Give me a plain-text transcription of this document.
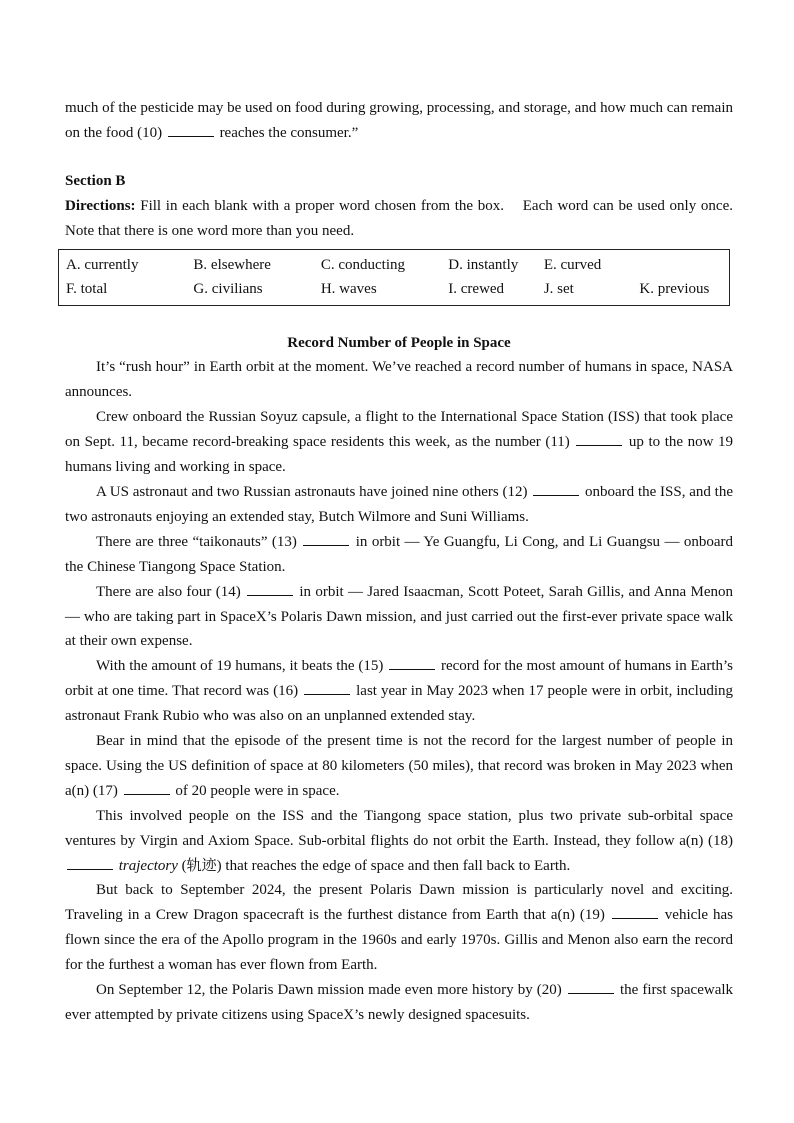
much of the pesticide may be used on food during growing, processing, and storage, and how much can remain on the food (10)	reaches the consumer.”

Section B

Directions: Fill in each blank with a proper word chosen from the box.    Each word can be used only once.    Note that there is one word more than you need.

A. currently	B. elsewhere	C. conducting	D. instantly	E. curved
F. total	G. civilians	H. waves	I. crewed	J. set	K. previous
Record Number of People in Space

It’s “rush hour” in Earth orbit at the moment. We’ve reached a record number of humans in space, NASA announces.

Crew onboard the Russian Soyuz capsule, a flight to the International Space Station (ISS) that took place on Sept. 11, became record-breaking space residents this week, as the number (11)	up to the now 19 humans living and working in space.

A US astronaut and two Russian astronauts have joined nine others (12)	onboard the ISS, and the two astronauts enjoying an extended stay, Butch Wilmore and Suni Williams.

There are three “taikonauts” (13)	in orbit — Ye Guangfu, Li Cong, and Li Guangsu — onboard the Chinese Tiangong Space Station.

There are also four (14)	in orbit — Jared Isaacman, Scott Poteet, Sarah Gillis, and Anna Menon — who are taking part in SpaceX’s Polaris Dawn mission, and just carried out the first-ever private space walk at their own expense.

With the amount of 19 humans, it beats the (15)	record for the most amount of humans in Earth’s orbit at one time. That record was (16)	last year in May 2023 when 17 people were in orbit, including astronaut Frank Rubio who was also on an unplanned extended stay.

Bear in mind that the episode of the present time is not the record for the largest number of people in space. Using the US definition of space at 80 kilometers (50 miles), that record was broken in May 2023 when a(n) (17)	of 20 people were in space.

This involved people on the ISS and the Tiangong space station, plus two private sub-orbital space ventures by Virgin and Axiom Space. Sub-orbital flights do not orbit the Earth. Instead, they follow a(n) (18)  trajectory (轨迹) that reaches the edge of space and then fall back to Earth.

But back to September 2024, the present Polaris Dawn mission is particularly novel and exciting. Traveling in a Crew Dragon spacecraft is the furthest distance from Earth that a(n) (19)	vehicle has flown since the era of the Apollo program in the 1960s and early 1970s. Gillis and Menon also earn the record for the furthest a woman has ever flown from Earth.

On September 12, the Polaris Dawn mission made even more history by (20)	the first spacewalk ever attempted by private citizens using SpaceX’s newly designed spacesuits.
